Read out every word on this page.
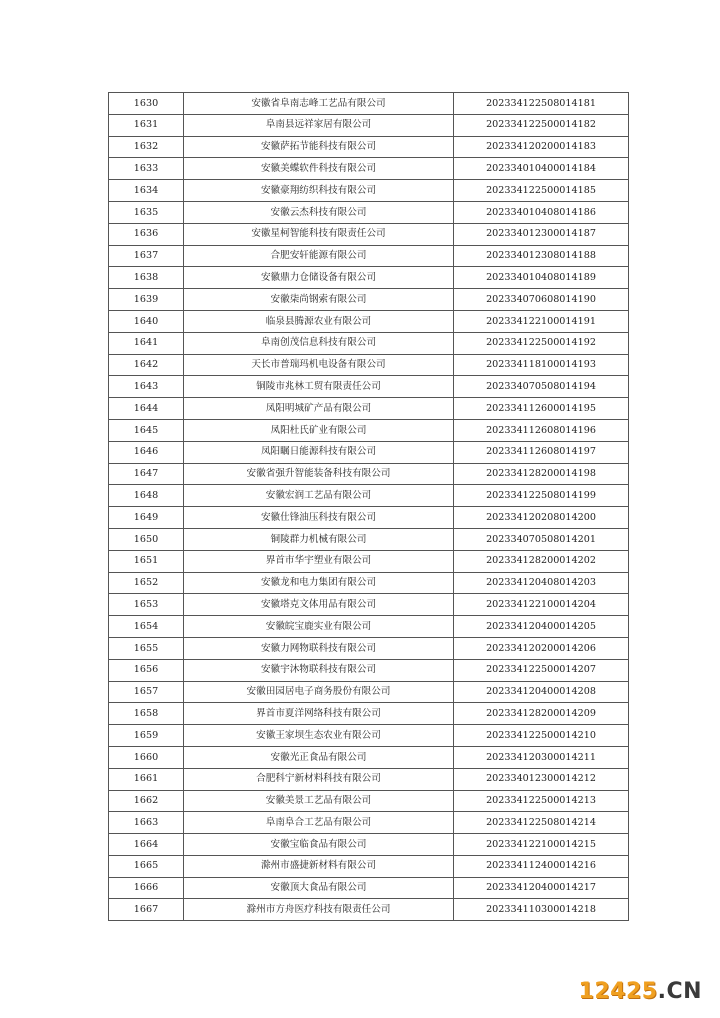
1630	安徽省阜南志峰工艺品有限公司	202334122508014181
1631	阜南县远祥家居有限公司	202334122500014182
1632	安徽萨拓节能科技有限公司	202334120200014183
1633	安徽美蝶软件科技有限公司	202334010400014184
1634	安徽豪翔纺织科技有限公司	202334122500014185
1635	安徽云杰科技有限公司	202334010408014186
1636	安徽星柯智能科技有限责任公司	202334012300014187
1637	合肥安轩能源有限公司	202334012308014188
1638	安徽鼎力仓储设备有限公司	202334010408014189
1639	安徽柒尚钢索有限公司	202334070608014190
1640	临泉县腾源农业有限公司	202334122100014191
1641	阜南创茂信息科技有限公司	202334122500014192
1642	天长市普瑞玛机电设备有限公司	202334118100014193
1643	铜陵市兆林工贸有限责任公司	202334070508014194
1644	凤阳明城矿产品有限公司	202334112600014195
1645	凤阳杜氏矿业有限公司	202334112608014196
1646	凤阳瞩日能源科技有限公司	202334112608014197
1647	安徽省强升智能装备科技有限公司	202334128200014198
1648	安徽宏润工艺品有限公司	202334122508014199
1649	安徽仕锋油压科技有限公司	202334120208014200
1650	铜陵群力机械有限公司	202334070508014201
1651	界首市华宇塑业有限公司	202334128200014202
1652	安徽龙和电力集团有限公司	202334120408014203
1653	安徽塔克文体用品有限公司	202334122100014204
1654	安徽皖宝鹿实业有限公司	202334120400014205
1655	安徽力网物联科技有限公司	202334120200014206
1656	安徽宇沐物联科技有限公司	202334122500014207
1657	安徽田园居电子商务股份有限公司	202334120400014208
1658	界首市夏洋网络科技有限公司	202334128200014209
1659	安徽王家坝生态农业有限公司	202334122500014210
1660	安徽光正食品有限公司	202334120300014211
1661	合肥科宁新材料科技有限公司	202334012300014212
1662	安徽美景工艺品有限公司	202334122500014213
1663	阜南阜合工艺品有限公司	202334122508014214
1664	安徽宝临食品有限公司	202334122100014215
1665	滁州市盛捷新材料有限公司	202334112400014216
1666	安徽顶大食品有限公司	202334120400014217
1667	滁州市方舟医疗科技有限责任公司	202334110300014218
12425.CN
